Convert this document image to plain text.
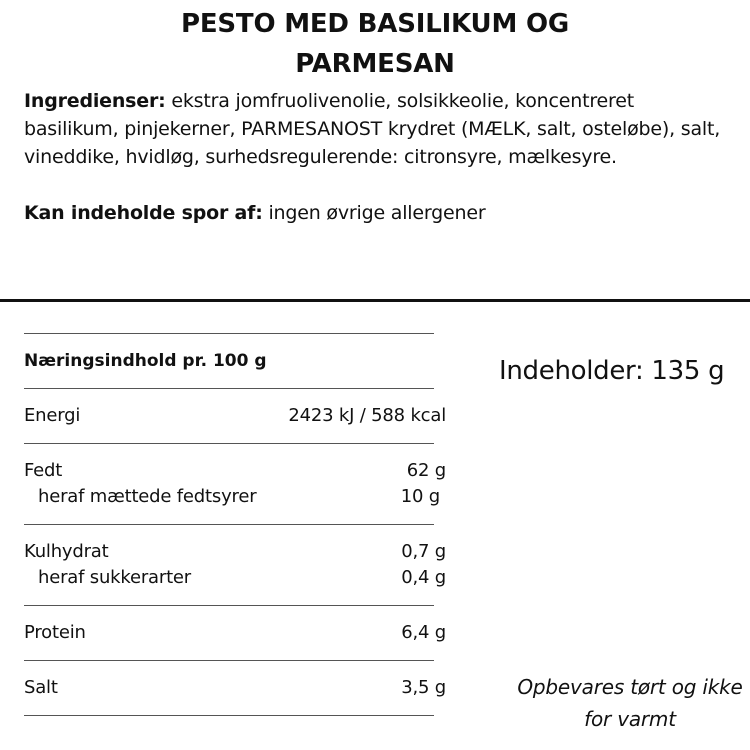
PESTO MED BASILIKUM OG
PARMESAN
Ingredienser: ekstra jomfruolivenolie, solsikkeolie, koncentreret basilikum, pinjekerner, PARMESANOST krydret (MÆLK, salt, osteløbe), salt, vineddike, hvidløg, surhedsregulerende: citronsyre, mælkesyre.
Kan indeholde spor af: ingen øvrige allergener
Næringsindhold pr. 100 g
Energi	2423 kJ / 588 kcal
Fedt	62 g
heraf mættede fedtsyrer	10 g
Kulhydrat	0,7 g
heraf sukkerarter	0,4 g
Protein	6,4 g
Salt	3,5 g
Indeholder: 135 g
Opbevares tørt og ikke
for varmt
